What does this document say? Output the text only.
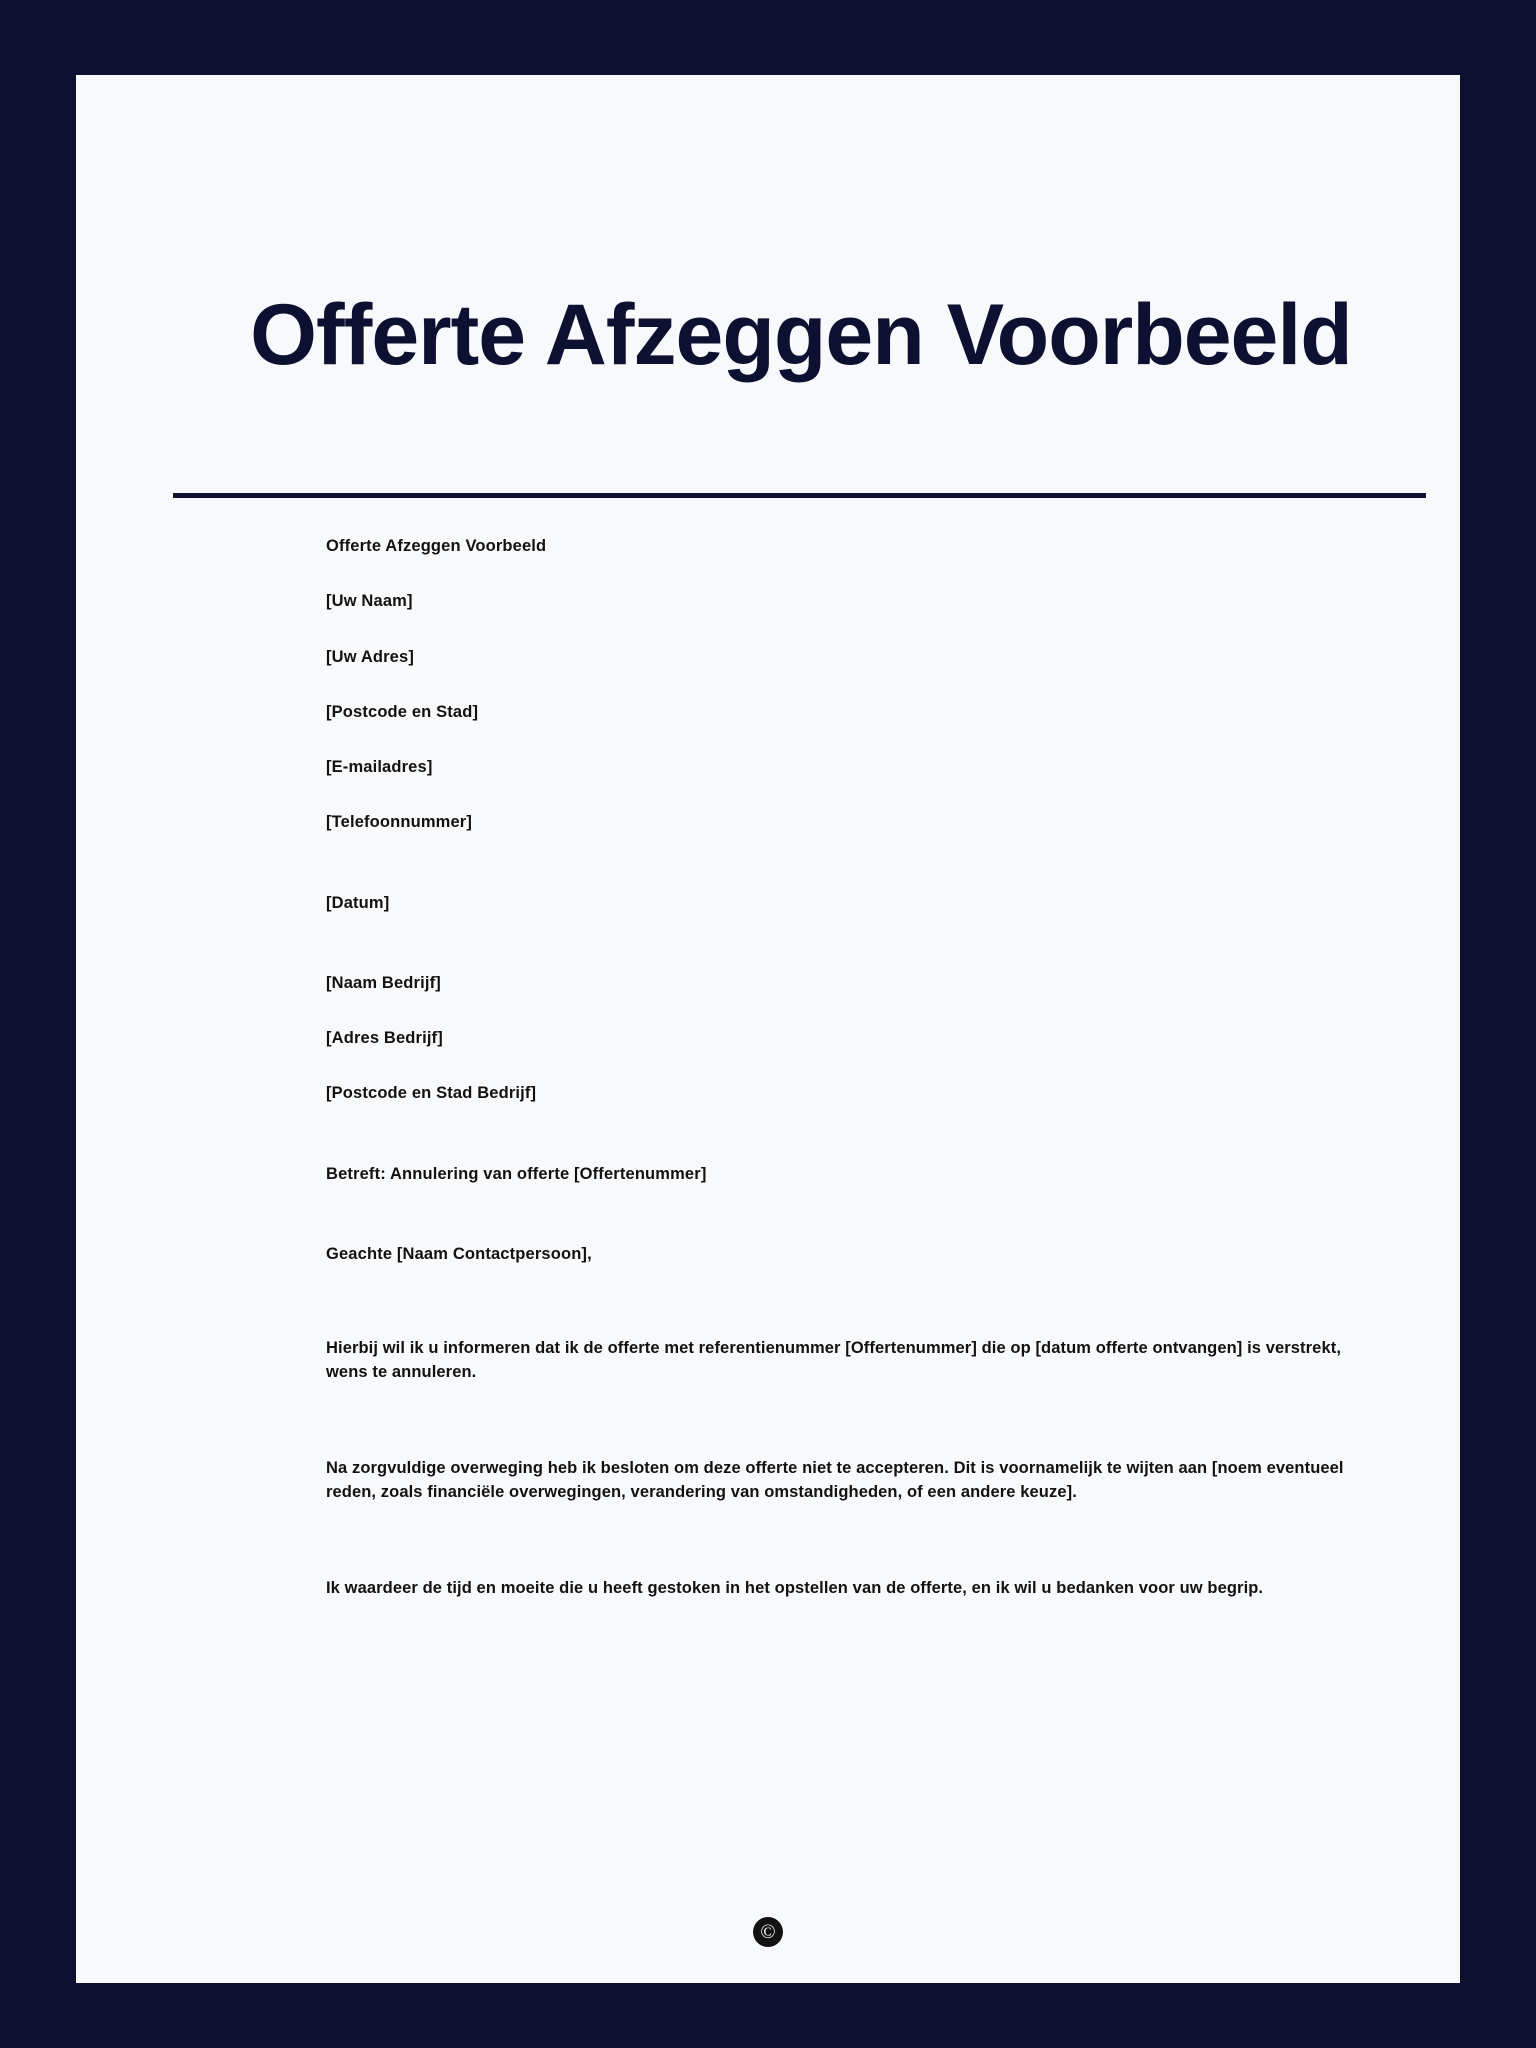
Offerte Afzeggen Voorbeeld
Offerte Afzeggen Voorbeeld
[Uw Naam]
[Uw Adres]
[Postcode en Stad]
[E-mailadres]
[Telefoonnummer]
[Datum]
[Naam Bedrijf]
[Adres Bedrijf]
[Postcode en Stad Bedrijf]
Betreft: Annulering van offerte [Offertenummer]
Geachte [Naam Contactpersoon],
Hierbij wil ik u informeren dat ik de offerte met referentienummer [Offertenummer] die op [datum offerte ontvangen] is verstrekt, wens te annuleren.
Na zorgvuldige overweging heb ik besloten om deze offerte niet te accepteren. Dit is voornamelijk te wijten aan [noem eventueel reden, zoals financiële overwegingen, verandering van omstandigheden, of een andere keuze].
Ik waardeer de tijd en moeite die u heeft gestoken in het opstellen van de offerte, en ik wil u bedanken voor uw begrip.
©
